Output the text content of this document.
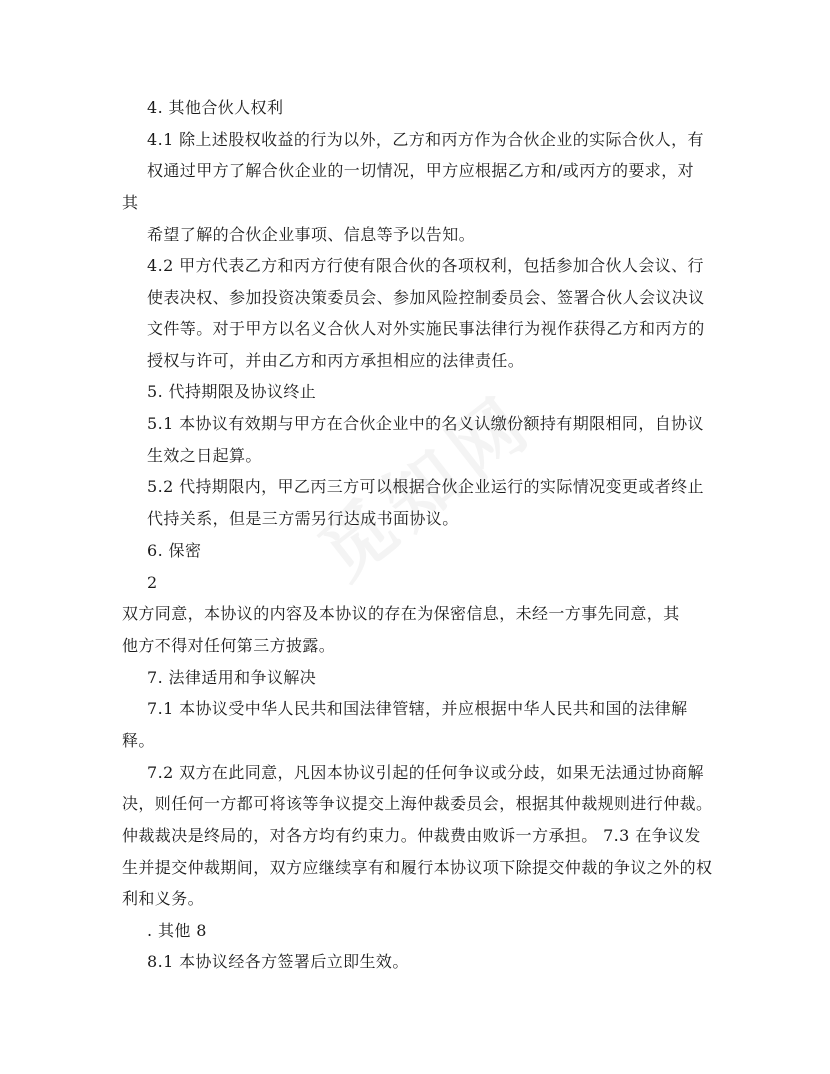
4. 其他合伙人权利
4.1 除上述股权收益的行为以外，乙方和丙方作为合伙企业的实际合伙人，有
权通过甲方了解合伙企业的一切情况，甲方应根据乙方和/或丙方的要求，对
其
希望了解的合伙企业事项、信息等予以告知。
4.2 甲方代表乙方和丙方行使有限合伙的各项权利，包括参加合伙人会议、行
使表决权、参加投资决策委员会、参加风险控制委员会、签署合伙人会议决议
文件等。对于甲方以名义合伙人对外实施民事法律行为视作获得乙方和丙方的
授权与许可，并由乙方和丙方承担相应的法律责任。
5. 代持期限及协议终止
5.1 本协议有效期与甲方在合伙企业中的名义认缴份额持有期限相同，自协议
生效之日起算。
5.2 代持期限内，甲乙丙三方可以根据合伙企业运行的实际情况变更或者终止
代持关系，但是三方需另行达成书面协议。
6. 保密
2
双方同意，本协议的内容及本协议的存在为保密信息，未经一方事先同意，其
他方不得对任何第三方披露。
7. 法律适用和争议解决
7.1 本协议受中华人民共和国法律管辖，并应根据中华人民共和国的法律解
释。
7.2 双方在此同意，凡因本协议引起的任何争议或分歧，如果无法通过协商解
决，则任何一方都可将该等争议提交上海仲裁委员会，根据其仲裁规则进行仲裁。
仲裁裁决是终局的，对各方均有约束力。仲裁费由败诉一方承担。 7.3 在争议发
生并提交仲裁期间，双方应继续享有和履行本协议项下除提交仲裁的争议之外的权
利和义务。
. 其他 8
8.1 本协议经各方签署后立即生效。
